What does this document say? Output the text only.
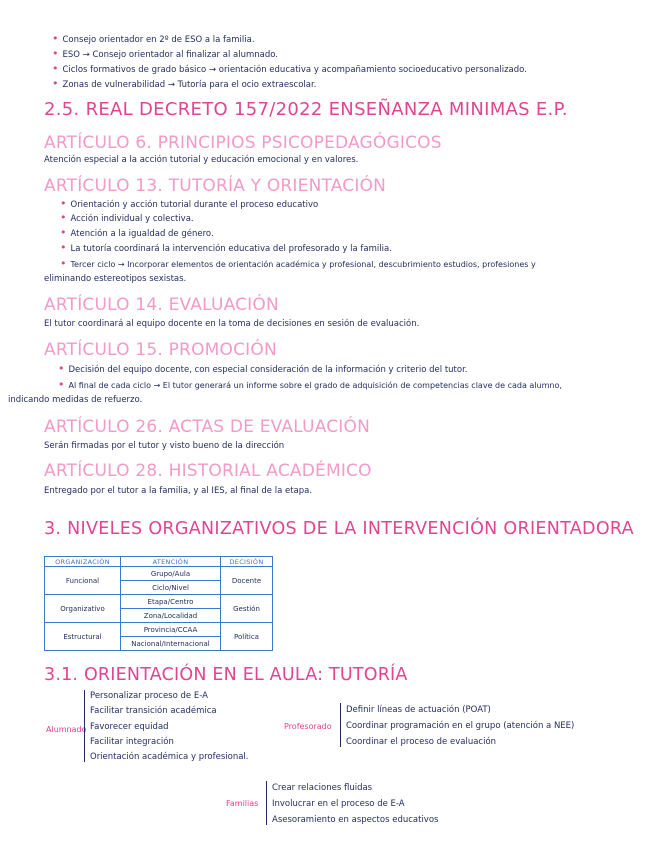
• Consejo orientador en 2º de ESO a la familia.
• ESO → Consejo orientador al finalizar al alumnado.
• Ciclos formativos de grado básico → orientación educativa y acompañamiento socioeducativo personalizado.
• Zonas de vulnerabilidad → Tutoría para el ocio extraescolar.
2.5. REAL DECRETO 157/2022 ENSEÑANZA MINIMAS E.P.
ARTÍCULO 6. PRINCIPIOS PSICOPEDAGÓGICOS
Atención especial a la acción tutorial y educación emocional y en valores.
ARTÍCULO 13. TUTORÍA Y ORIENTACIÓN
• Orientación y acción tutorial durante el proceso educativo
• Acción individual y colectiva.
• Atención a la igualdad de género.
• La tutoría coordinará la intervención educativa del profesorado y la familia.
• Tercer ciclo → Incorporar elementos de orientación académica y profesional, descubrimiento estudios, profesiones y
eliminando estereotipos sexistas.
ARTÍCULO 14. EVALUACIÓN
El tutor coordinará al equipo docente en la toma de decisiones en sesión de evaluación.
ARTÍCULO 15. PROMOCIÓN
• Decisión del equipo docente, con especial consideración de la información y criterio del tutor.
• Al final de cada ciclo → El tutor generará un informe sobre el grado de adquisición de competencias clave de cada alumno,
indicando medidas de refuerzo.
ARTÍCULO 26. ACTAS DE EVALUACIÓN
Serán firmadas por el tutor y visto bueno de la dirección
ARTÍCULO 28. HISTORIAL ACADÉMICO
Entregado por el tutor a la familia, y al IES, al final de la etapa.
3. NIVELES ORGANIZATIVOS DE LA INTERVENCIÓN ORIENTADORA
ORGANIZACIÓN	ATENCIÓN	DECISIÓN
Funcional	Grupo/Aula	Docente
	Ciclo/Nivel	
Organizativo	Etapa/Centro	Gestión
	Zona/Localidad	
Estructural	Provincia/CCAA	Política
	Nacional/Internacional	
3.1. ORIENTACIÓN EN EL AULA: TUTORÍA
Alumnado
Personalizar proceso de E-A
Facilitar transición académica
Favorecer equidad
Facilitar integración
Orientación académica y profesional.
Profesorado
Definir líneas de actuación (POAT)
Coordinar programación en el grupo (atención a NEE)
Coordinar el proceso de evaluación
Familias
Crear relaciones fluidas
Involucrar en el proceso de E-A
Asesoramiento en aspectos educativos
